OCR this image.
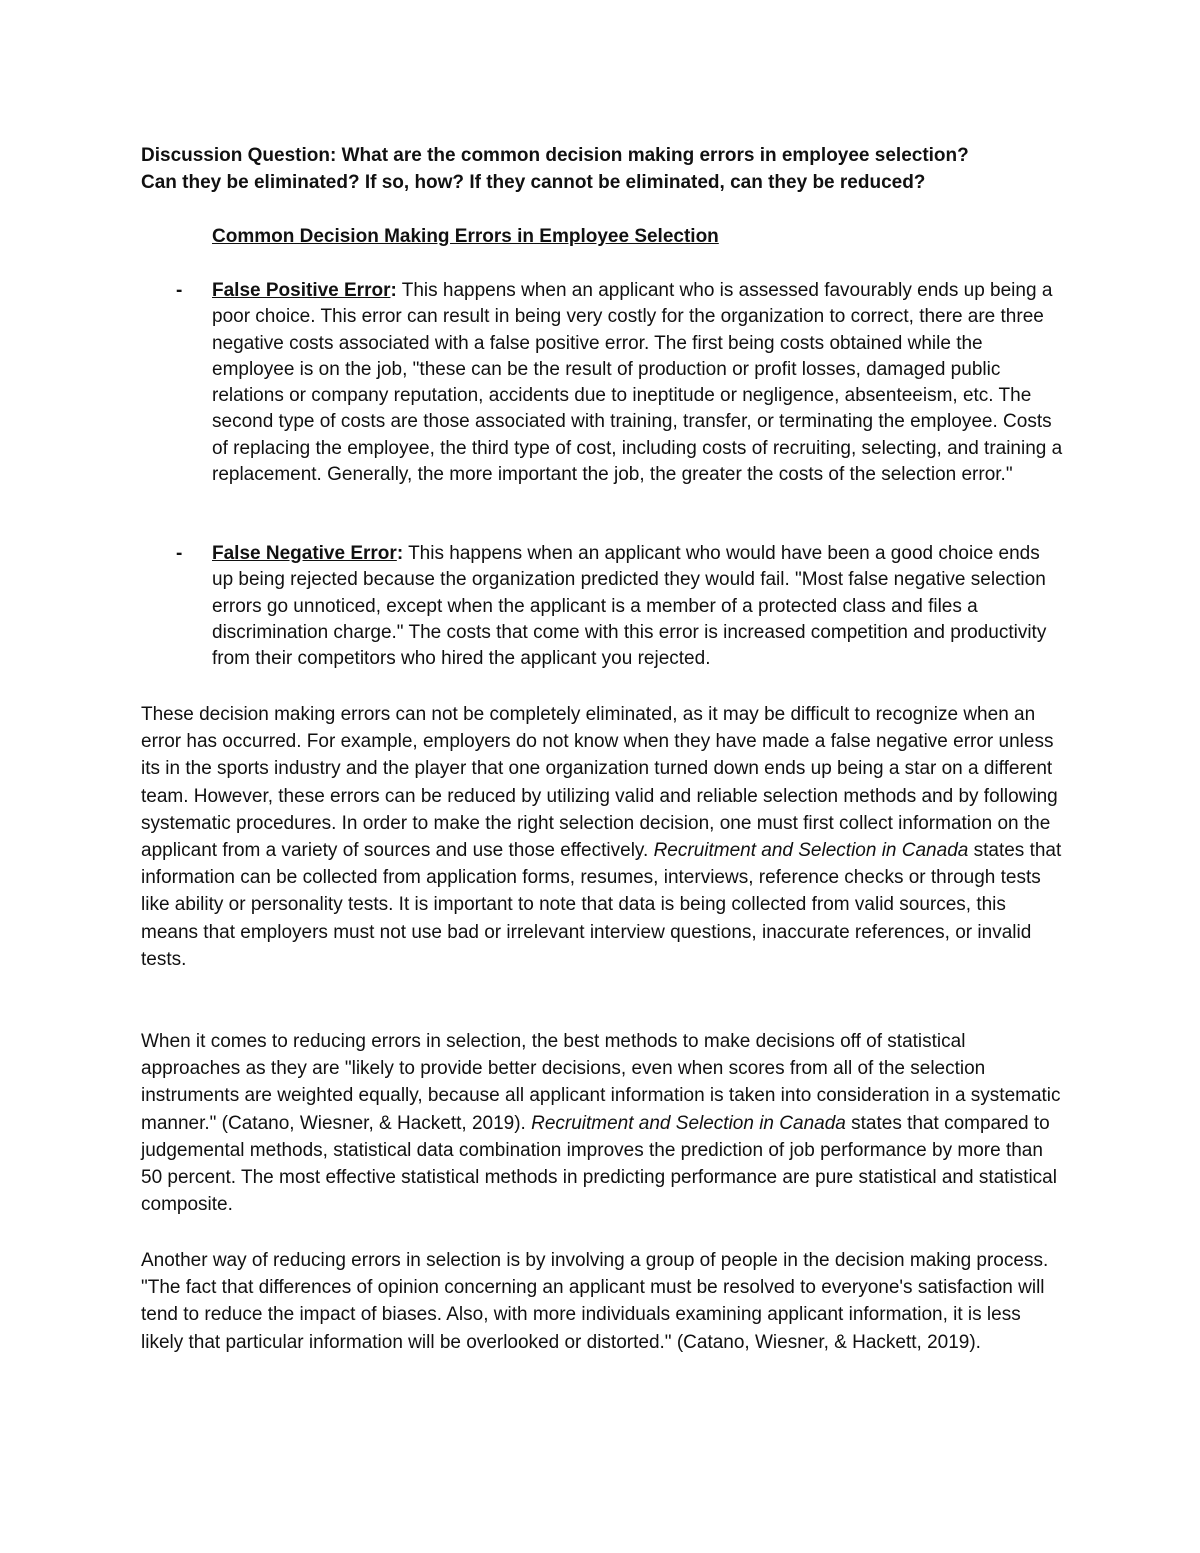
Discussion Question: What are the common decision making errors in employee selection?
Can they be eliminated? If so, how? If they cannot be eliminated, can they be reduced?

Common Decision Making Errors in Employee Selection

- False Positive Error: This happens when an applicant who is assessed favourably ends up being a poor choice. This error can result in being very costly for the organization to correct, there are three negative costs associated with a false positive error. The first being costs obtained while the employee is on the job, "these can be the result of production or profit losses, damaged public relations or company reputation, accidents due to ineptitude or negligence, absenteeism, etc. The second type of costs are those associated with training, transfer, or terminating the employee. Costs of replacing the employee, the third type of cost, including costs of recruiting, selecting, and training a replacement. Generally, the more important the job, the greater the costs of the selection error."
- False Negative Error: This happens when an applicant who would have been a good choice ends up being rejected because the organization predicted they would fail. "Most false negative selection errors go unnoticed, except when the applicant is a member of a protected class and files a discrimination charge." The costs that come with this error is increased competition and productivity from their competitors who hired the applicant you rejected.

These decision making errors can not be completely eliminated, as it may be difficult to recognize when an error has occurred. For example, employers do not know when they have made a false negative error unless its in the sports industry and the player that one organization turned down ends up being a star on a different team. However, these errors can be reduced by utilizing valid and reliable selection methods and by following systematic procedures. In order to make the right selection decision, one must first collect information on the applicant from a variety of sources and use those effectively. Recruitment and Selection in Canada states that information can be collected from application forms, resumes, interviews, reference checks or through tests like ability or personality tests. It is important to note that data is being collected from valid sources, this means that employers must not use bad or irrelevant interview questions, inaccurate references, or invalid tests.

When it comes to reducing errors in selection, the best methods to make decisions off of statistical approaches as they are "likely to provide better decisions, even when scores from all of the selection instruments are weighted equally, because all applicant information is taken into consideration in a systematic manner." (Catano, Wiesner, & Hackett, 2019). Recruitment and Selection in Canada states that compared to judgemental methods, statistical data combination improves the prediction of job performance by more than 50 percent. The most effective statistical methods in predicting performance are pure statistical and statistical composite.

Another way of reducing errors in selection is by involving a group of people in the decision making process. "The fact that differences of opinion concerning an applicant must be resolved to everyone's satisfaction will tend to reduce the impact of biases. Also, with more individuals examining applicant information, it is less likely that particular information will be overlooked or distorted." (Catano, Wiesner, & Hackett, 2019).
